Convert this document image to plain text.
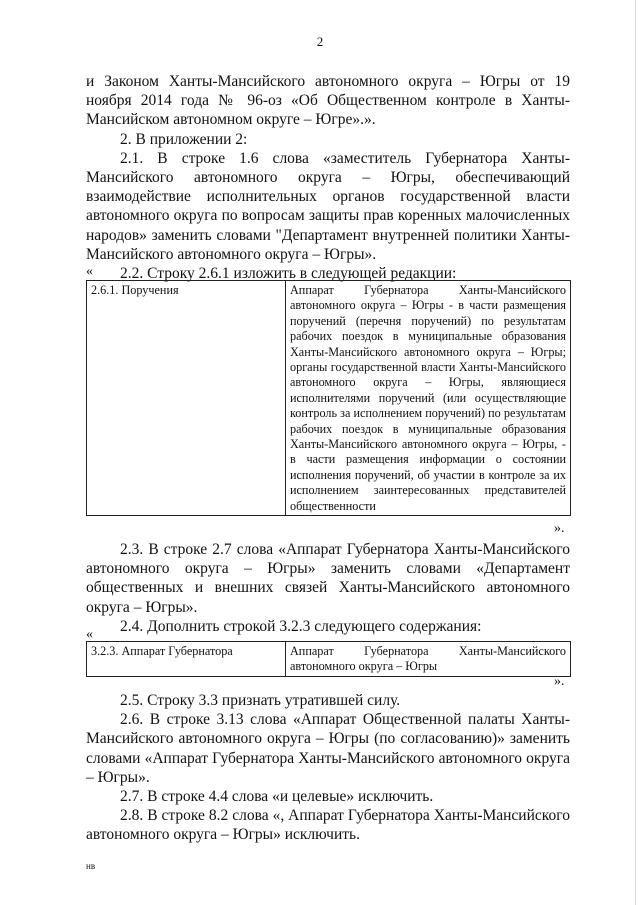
2

и Законом Ханты-Мансийского автономного округа – Югры от 19 ноября 2014 года № 96-оз «Об Общественном контроле в Ханты-Мансийском автономном округе – Югре».».

2. В приложении 2:

2.1. В строке 1.6 слова «заместитель Губернатора Ханты-Мансийского автономного округа – Югры, обеспечивающий взаимодействие исполнительных органов государственной власти автономного округа по вопросам защиты прав коренных малочисленных народов» заменить словами "Департамент внутренней политики Ханты-Мансийского автономного округа – Югры».

2.2. Строку 2.6.1 изложить в следующей редакции:

«
2.6.1. Поручения	Аппарат Губернатора Ханты-Мансийского автономного округа – Югры - в части размещения поручений (перечня поручений) по результатам рабочих поездок в муниципальные образования Ханты-Мансийского автономного округа – Югры; органы государственной власти Ханты-Мансийского автономного округа – Югры, являющиеся исполнителями поручений (или осуществляющие контроль за исполнением поручений) по результатам рабочих поездок в муниципальные образования Ханты-Мансийского автономного округа – Югры, - в части размещения информации о состоянии исполнения поручений, об участии в контроле за их исполнением заинтересованных представителей общественности
».

2.3. В строке 2.7 слова «Аппарат Губернатора Ханты-Мансийского автономного округа – Югры» заменить словами «Департамент общественных и внешних связей Ханты-Мансийского автономного округа – Югры».

2.4. Дополнить строкой 3.2.3 следующего содержания:

«
3.2.3. Аппарат Губернатора	Аппарат Губернатора Ханты-Мансийского автономного округа – Югры
».

2.5. Строку 3.3 признать утратившей силу.

2.6. В строке 3.13 слова «Аппарат Общественной палаты Ханты-Мансийского автономного округа – Югры (по согласованию)» заменить словами «Аппарат Губернатора Ханты-Мансийского автономного округа – Югры».

2.7. В строке 4.4 слова «и целевые» исключить.

2.8. В строке 8.2 слова «, Аппарат Губернатора Ханты-Мансийского автономного округа – Югры» исключить.

нв
